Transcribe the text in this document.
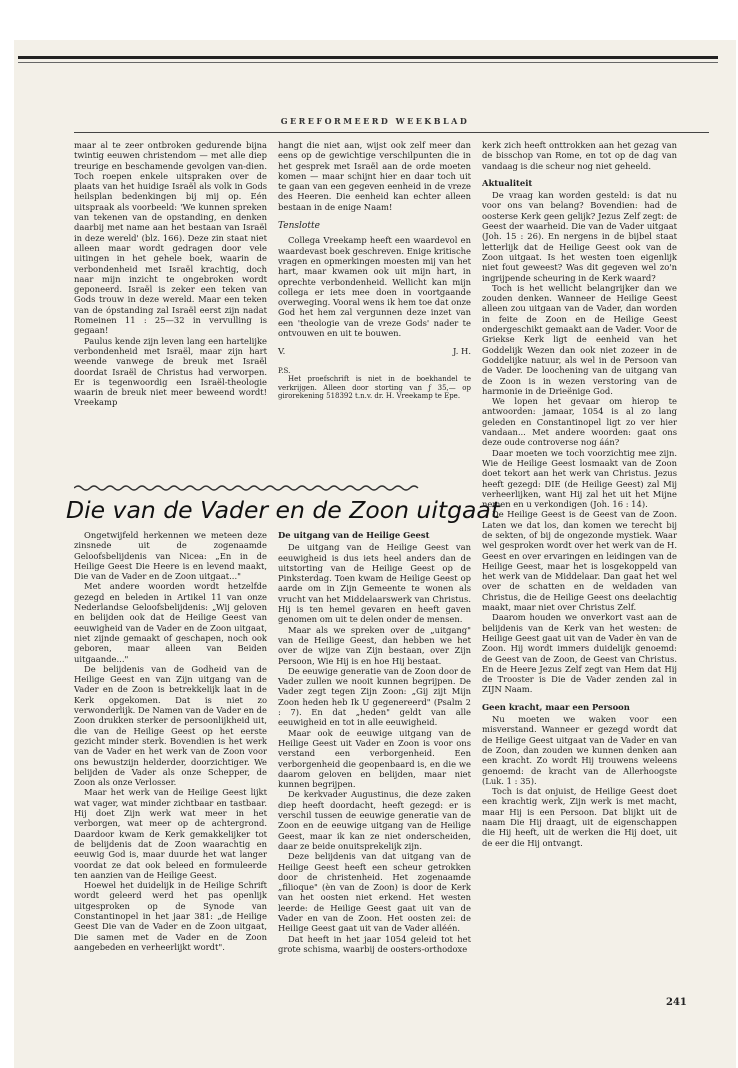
GEREFORMEERD WEEKBLAD

maar al te zeer ontbroken gedurende bijna twintig eeuwen christendom — met alle diep treurige en beschamende gevolgen van-dien. Toch roepen enkele uitspraken over de plaats van het huidige Israël als volk in Gods heilsplan bedenkingen bij mij op. Eén uitspraak als voorbeeld: 'We kunnen spreken van tekenen van de opstanding, en denken daarbij met name aan het bestaan van Israël in deze wereld' (blz. 166). Deze zin staat niet alleen maar wordt gedragen door vele uitingen in het gehele boek, waarin de verbondenheid met Israël krachtig, doch naar mijn inzicht te ongebroken wordt geponeerd. Israël is zeker een teken van Gods trouw in deze wereld. Maar een teken van de ópstanding zal Israël eerst zijn nadat Romeinen 11 : 25—32 in vervulling is gegaan!

Paulus kende zijn leven lang een hartelijke verbondenheid met Israël, maar zijn hart weende vanwege de breuk met Israël doordat Israël de Christus had verworpen. Er is tegenwoordig een Israël-theologie waarin de breuk niet meer beweend wordt! Vreekamp

hangt die niet aan, wijst ook zelf meer dan eens op de gewichtige verschilpunten die in het gesprek met Israël aan de orde moeten komen — maar schijnt hier en daar toch uit te gaan van een gegeven eenheid in de vreze des Heeren. Die eenheid kan echter alleen bestaan in de enige Naam!

Tenslotte

Collega Vreekamp heeft een waardevol en waardevast boek geschreven. Enige kritische vragen en opmerkingen moesten mij van het hart, maar kwamen ook uit mijn hart, in oprechte verbondenheid. Wellicht kan mijn collega er iets mee doen in voortgaande overweging. Vooral wens ik hem toe dat onze God het hem zal vergunnen deze inzet van een 'theologie van de vreze Gods' nader te ontvouwen en uit te bouwen.

V.	J. H.
P.S.

Het proefschrift is niet in de boekhandel te verkrijgen. Alleen door storting van ƒ 35,— op girorekening 518392 t.n.v. dr. H. Vreekamp te Epe.

Die van de Vader en de Zoon uitgaat

Ongetwijfeld herkennen we meteen deze zinsnede uit de zogenaamde Geloofsbelijdenis van Nicea: „En in de Heilige Geest Die Heere is en levend maakt, Die van de Vader en de Zoon uitgaat..."

Met andere woorden wordt hetzelfde gezegd en beleden in Artikel 11 van onze Nederlandse Geloofsbelijdenis: „Wij geloven en belijden ook dat de Heilige Geest van eeuwigheid van de Vader en de Zoon uitgaat, niet zijnde gemaakt of geschapen, noch ook geboren, maar alleen van Beiden uitgaande..."

De belijdenis van de Godheid van de Heilige Geest en van Zijn uitgang van de Vader en de Zoon is betrekkelijk laat in de Kerk opgekomen. Dat is niet zo verwonderlijk. De Namen van de Vader en de Zoon drukken sterker de persoonlijkheid uit, die van de Heilige Geest op het eerste gezicht minder sterk. Bovendien is het werk van de Vader en het werk van de Zoon voor ons bewustzijn helderder, doorzichtiger. We belijden de Vader als onze Schepper, de Zoon als onze Verlosser.

Maar het werk van de Heilige Geest lijkt wat vager, wat minder zichtbaar en tastbaar. Hij doet Zijn werk wat meer in het verborgen, wat meer op de achtergrond. Daardoor kwam de Kerk gemakkelijker tot de belijdenis dat de Zoon waarachtig en eeuwig God is, maar duurde het wat langer voordat ze dat ook beleed en formuleerde ten aanzien van de Heilige Geest.

Hoewel het duidelijk in de Heilige Schrift wordt geleerd werd het pas openlijk uitgesproken op de Synode van Constantinopel in het jaar 381: „de Heilige Geest Die van de Vader en de Zoon uitgaat, Die samen met de Vader en de Zoon aangebeden en verheerlijkt wordt".

De uitgang van de Heilige Geest

De uitgang van de Heilige Geest van eeuwigheid is dus iets heel anders dan de uitstorting van de Heilige Geest op de Pinksterdag. Toen kwam de Heilige Geest op aarde om in Zijn Gemeente te wonen als vrucht van het Middelaarswerk van Christus. Hij is ten hemel gevaren en heeft gaven genomen om uit te delen onder de mensen.

Maar als we spreken over de „uitgang" van de Heilige Geest, dan hebben we het over de wijze van Zijn bestaan, over Zijn Persoon, Wie Hij is en hoe Hij bestaat.

De eeuwige generatie van de Zoon door de Vader zullen we nooit kunnen begrijpen. De Vader zegt tegen Zijn Zoon: „Gij zijt Mijn Zoon heden heb Ik U gegenereerd" (Psalm 2 : 7). En dat „heden" geldt van alle eeuwigheid en tot in alle eeuwigheid.

Maar ook de eeuwige uitgang van de Heilige Geest uit Vader en Zoon is voor ons verstand een verborgenheid. Een verborgenheid die geopenbaard is, en die we daarom geloven en belijden, maar niet kunnen begrijpen.

De kerkvader Augustinus, die deze zaken diep heeft doordacht, heeft gezegd: er is verschil tussen de eeuwige generatie van de Zoon en de eeuwige uitgang van de Heilige Geest, maar ik kan ze niet onderscheiden, daar ze beide onuitsprekelijk zijn.

Deze belijdenis van dat uitgang van de Heilige Geest heeft een scheur getrokken door de christenheid. Het zogenaamde „filioque" (èn van de Zoon) is door de Kerk van het oosten niet erkend. Het westen leerde: de Heilige Geest gaat uit van de Vader en van de Zoon. Het oosten zei: de Heilige Geest gaat uit van de Vader alléén.

Dat heeft in het jaar 1054 geleid tot het grote schisma, waarbij de oosters-orthodoxe

kerk zich heeft onttrokken aan het gezag van de bisschop van Rome, en tot op de dag van vandaag is die scheur nog niet geheeld.

Aktualiteit

De vraag kan worden gesteld: is dat nu voor ons van belang? Bovendien: had de oosterse Kerk geen gelijk? Jezus Zelf zegt: de Geest der waarheid. Die van de Vader uitgaat (Joh. 15 : 26). En nergens in de bijbel staat letterlijk dat de Heilige Geest ook van de Zoon uitgaat. Is het westen toen eigenlijk niet fout geweest? Was dit gegeven wel zo'n ingrijpende scheuring in de Kerk waard?

Toch is het wellicht belangrijker dan we zouden denken. Wanneer de Heilige Geest alleen zou uitgaan van de Vader, dan worden in feite de Zoon en de Heilige Geest ondergeschikt gemaakt aan de Vader. Voor de Griekse Kerk ligt de eenheid van het Goddelijk Wezen dan ook niet zozeer in de Goddelijke natuur, als wel in de Persoon van de Vader. De loochening van de uitgang van de Zoon is in wezen verstoring van de harmonie in de Drieënige God.

We lopen het gevaar om hierop te antwoorden: jamaar, 1054 is al zo lang geleden en Constantinopel ligt zo ver hier vandaan... Met andere woorden: gaat ons deze oude controverse nog áán?

Daar moeten we toch voorzichtig mee zijn. Wie de Heilige Geest losmaakt van de Zoon doet tekort aan het werk van Christus. Jezus heeft gezegd: DIE (de Heilige Geest) zal Mij verheerlijken, want Hij zal het uit het Mijne nemen en u verkondigen (Joh. 16 : 14).

De Heilige Geest is de Geest van de Zoon. Laten we dat los, dan komen we terecht bij de sekten, of bij de ongezonde mystiek. Waar wel gesproken wordt over het werk van de H. Geest en over ervaringen en leidingen van de Heilige Geest, maar het is losgekoppeld van het werk van de Middelaar. Dan gaat het wel over de schatten en de weldaden van Christus, die de Heilige Geest ons deelachtig maakt, maar niet over Christus Zelf.

Daarom houden we onverkort vast aan de belijdenis van de Kerk van het westen: de Heilige Geest gaat uit van de Vader èn van de Zoon. Hij wordt immers duidelijk genoemd: de Geest van de Zoon, de Geest van Christus. En de Heere Jezus Zelf zegt van Hem dat Hij de Trooster is Die de Vader zenden zal in ZIJN Naam.

Geen kracht, maar een Persoon

Nu moeten we waken voor een misverstand. Wanneer er gezegd wordt dat de Heilige Geest uitgaat van de Vader en van de Zoon, dan zouden we kunnen denken aan een kracht. Zo wordt Hij trouwens weleens genoemd: de kracht van de Allerhoogste (Luk. 1 : 35).

Toch is dat onjuist, de Heilige Geest doet een krachtig werk, Zijn werk is met macht, maar Hij is een Persoon. Dat blijkt uit de naam Die Hij draagt, uit de eigenschappen die Hij heeft, uit de werken die Hij doet, uit de eer die Hij ontvangt.

241
